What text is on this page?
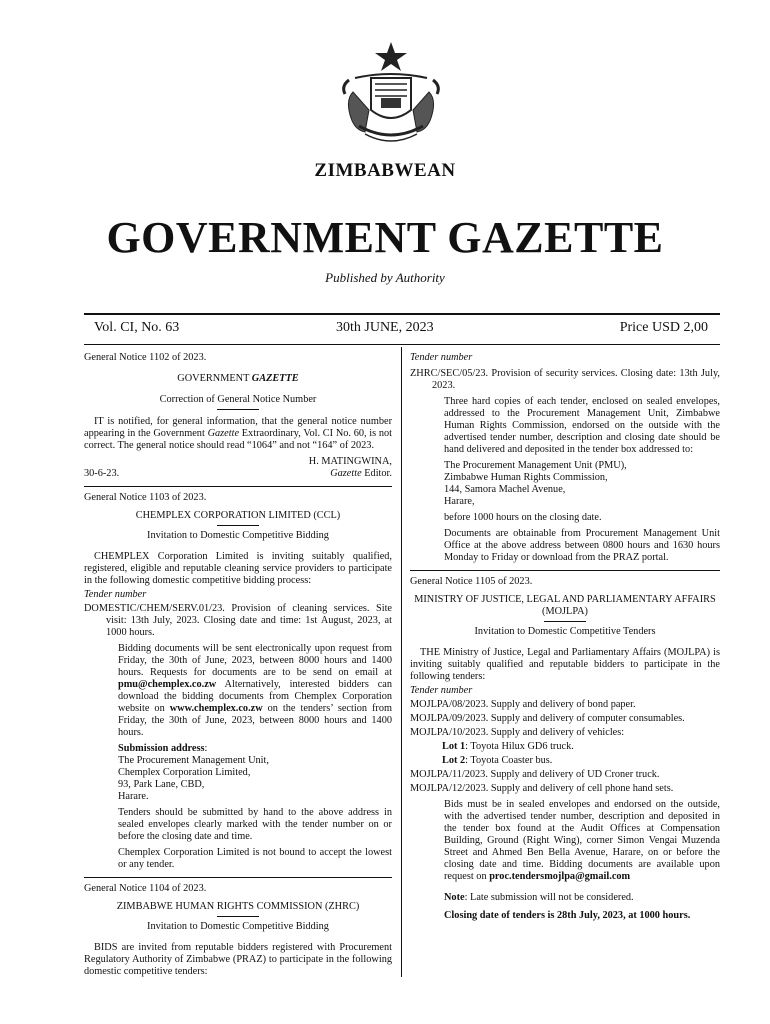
ZIMBABWEAN
GOVERNMENT GAZETTE
Published by Authority
Vol. CI, No. 63	30th JUNE, 2023	Price USD 2,00

General Notice 1102 of 2023.

GOVERNMENT GAZETTE

Correction of General Notice Number

IT is notified, for general information, that the general notice number appearing in the Government Gazette Extraordinary, Vol. CI No. 60, is not correct. The general notice should read “1064” and not “164” of 2023.

H. MATINGWINA,

30-6-23.	Gazette Editor.

General Notice 1103 of 2023.

CHEMPLEX CORPORATION LIMITED (CCL)

Invitation to Domestic Competitive Bidding

CHEMPLEX Corporation Limited is inviting suitably qualified, registered, eligible and reputable cleaning service providers to participate in the following domestic competitive bidding process:

Tender number

DOMESTIC/CHEM/SERV.01/23. Provision of cleaning services. Site visit: 13th July, 2023. Closing date and time: 1st August, 2023, at 1000 hours.

Bidding documents will be sent electronically upon request from Friday, the 30th of June, 2023, between 8000 hours and 1400 hours. Requests for documents are to be send on email at pmu@chemplex.co.zw Alternatively, interested bidders can download the bidding documents from Chemplex Corporation website on www.chemplex.co.zw on the tenders’ section from Friday, the 30th of June, 2023, between 8000 hours and 1400 hours.

Submission address:

The Procurement Management Unit,

Chemplex Corporation Limited,

93, Park Lane, CBD,

Harare.

Tenders should be submitted by hand to the above address in sealed envelopes clearly marked with the tender number on or before the closing date and time.

Chemplex Corporation Limited is not bound to accept the lowest or any tender.

General Notice 1104 of 2023.

ZIMBABWE HUMAN RIGHTS COMMISSION (ZHRC)

Invitation to Domestic Competitive Bidding

BIDS are invited from reputable bidders registered with Procurement Regulatory Authority of Zimbabwe (PRAZ) to participate in the following domestic competitive tenders:

Tender number

ZHRC/SEC/05/23. Provision of security services. Closing date: 13th July, 2023.

Three hard copies of each tender, enclosed on sealed envelopes, addressed to the Procurement Management Unit, Zimbabwe Human Rights Commission, endorsed on the outside with the advertised tender number, description and closing date should be hand delivered and deposited in the tender box addressed to:

The Procurement Management Unit (PMU),

Zimbabwe Human Rights Commission,

144, Samora Machel Avenue,

Harare,

before 1000 hours on the closing date.

Documents are obtainable from Procurement Management Unit Office at the above address between 0800 hours and 1630 hours Monday to Friday or download from the PRAZ portal.

General Notice 1105 of 2023.

MINISTRY OF JUSTICE, LEGAL AND PARLIAMENTARY AFFAIRS (MOJLPA)

Invitation to Domestic Competitive Tenders

THE Ministry of Justice, Legal and Parliamentary Affairs (MOJLPA) is inviting suitably qualified and reputable bidders to participate in the following tenders:

Tender number

MOJLPA/08/2023. Supply and delivery of bond paper.

MOJLPA/09/2023. Supply and delivery of computer consumables.

MOJLPA/10/2023. Supply and delivery of vehicles:

Lot 1: Toyota Hilux GD6 truck.

Lot 2: Toyota Coaster bus.

MOJLPA/11/2023. Supply and delivery of UD Croner truck.

MOJLPA/12/2023. Supply and delivery of cell phone hand sets.

Bids must be in sealed envelopes and endorsed on the outside, with the advertised tender number, description and deposited in the tender box found at the Audit Offices at Compensation Building, Ground (Right Wing), corner Simon Vengai Muzenda Street and Ahmed Ben Bella Avenue, Harare, on or before the closing date and time. Bidding documents are available upon request on proc.tendersmojlpa@gmail.com

Note: Late submission will not be considered.

Closing date of tenders is 28th July, 2023, at 1000 hours.
